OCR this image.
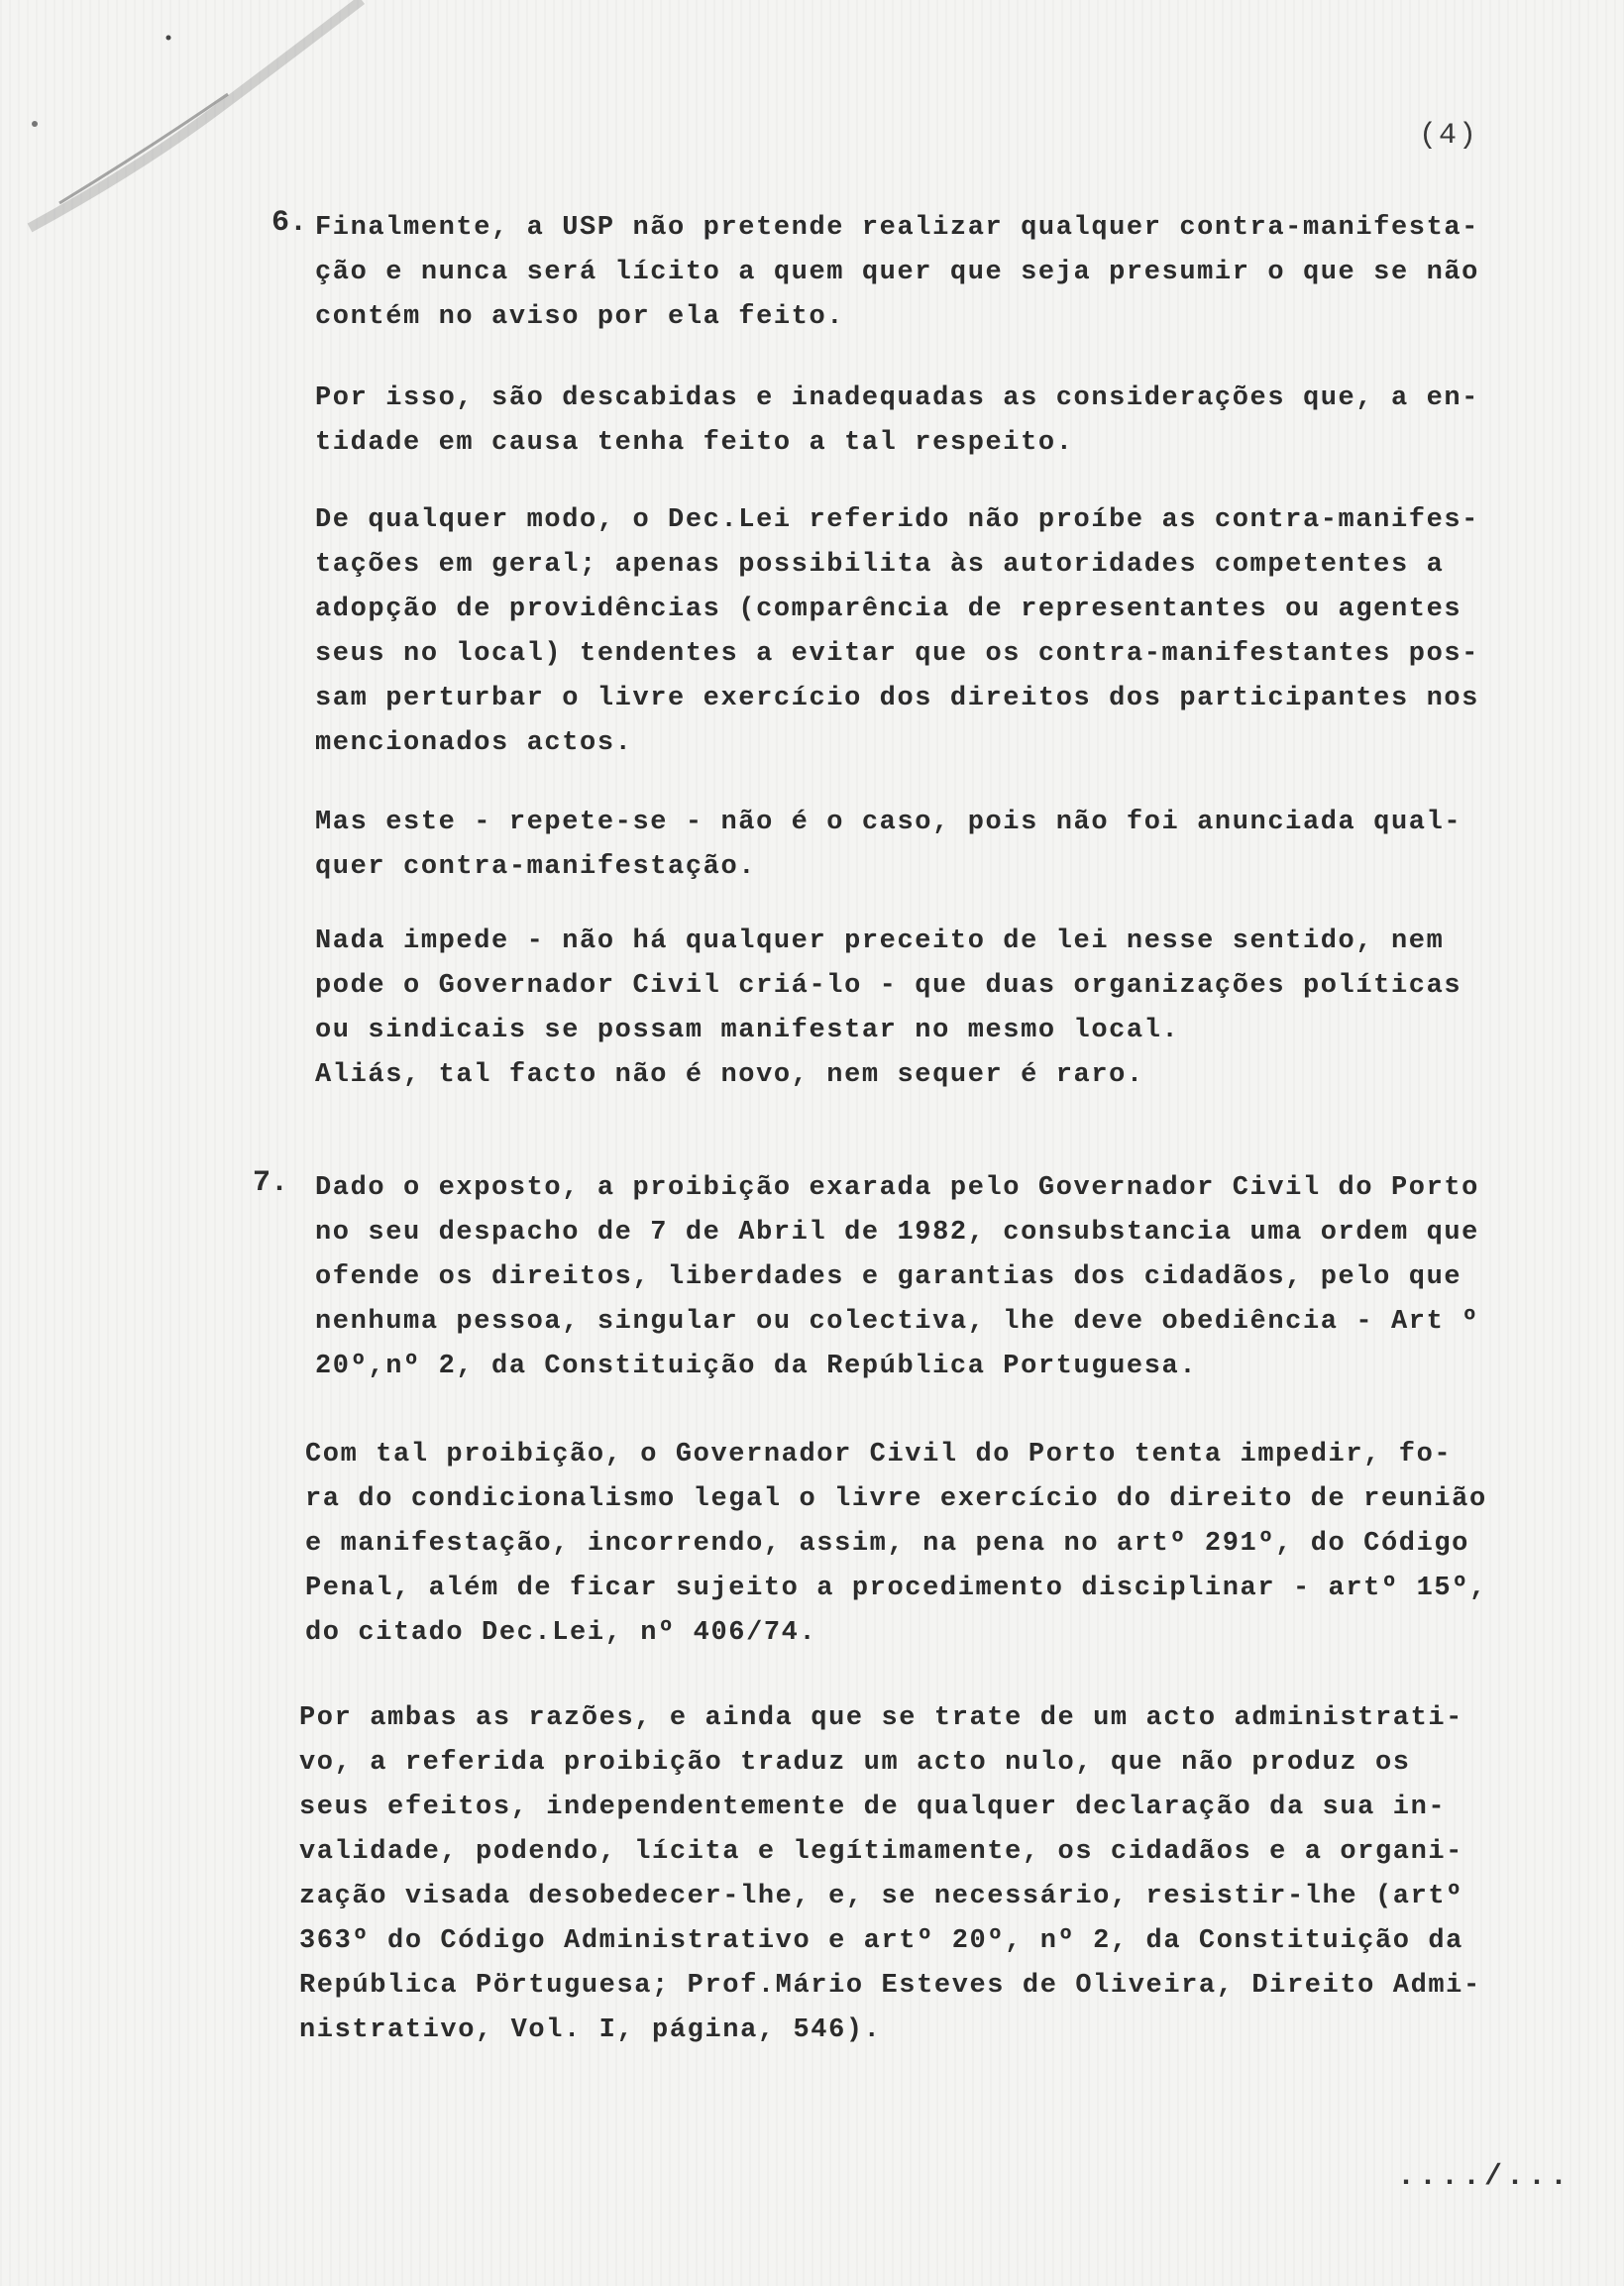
(4)
6. Finalmente, a USP não pretende realizar qualquer contra-manifesta-
ção e nunca será lícito a quem quer que seja presumir o que se não
contém no aviso por ela feito.
Por isso, são descabidas e inadequadas as considerações que, a en-
tidade em causa tenha feito a tal respeito.
De qualquer modo, o Dec.Lei referido não proíbe as contra-manifes-
tações em geral; apenas possibilita às autoridades competentes a
adopção de providências (comparência de representantes ou agentes
seus no local) tendentes a evitar que os contra-manifestantes pos-
sam perturbar o livre exercício dos direitos dos participantes nos
mencionados actos.
Mas este - repete-se - não é o caso, pois não foi anunciada qual-
quer contra-manifestação.
Nada impede - não há qualquer preceito de lei nesse sentido, nem
pode o Governador Civil criá-lo - que duas organizações políticas
ou sindicais se possam manifestar no mesmo local.
Aliás, tal facto não é novo, nem sequer é raro.
7. Dado o exposto, a proibição exarada pelo Governador Civil do Porto
no seu despacho de 7 de Abril de 1982, consubstancia uma ordem que
ofende os direitos, liberdades e garantias dos cidadãos, pelo que
nenhuma pessoa, singular ou colectiva, lhe deve obediência - Art º
20º,nº 2, da Constituição da República Portuguesa.
Com tal proibição, o Governador Civil do Porto tenta impedir, fo-
ra do condicionalismo legal o livre exercício do direito de reunião
e manifestação, incorrendo, assim, na pena no artº 291º, do Código
Penal, além de ficar sujeito a procedimento disciplinar - artº 15º,
do citado Dec.Lei, nº 406/74.
Por ambas as razões, e ainda que se trate de um acto administrati-
vo, a referida proibição traduz um acto nulo, que não produz os
seus efeitos, independentemente de qualquer declaração da sua in-
validade, podendo, lícita e legítimamente, os cidadãos e a organi-
zação visada desobedecer-lhe, e, se necessário, resistir-lhe (artº
363º do Código Administrativo e artº 20º, nº 2, da Constituição da
República Pörtuguesa; Prof.Mário Esteves de Oliveira, Direito Admi-
nistrativo, Vol. I, página, 546).
..../...
